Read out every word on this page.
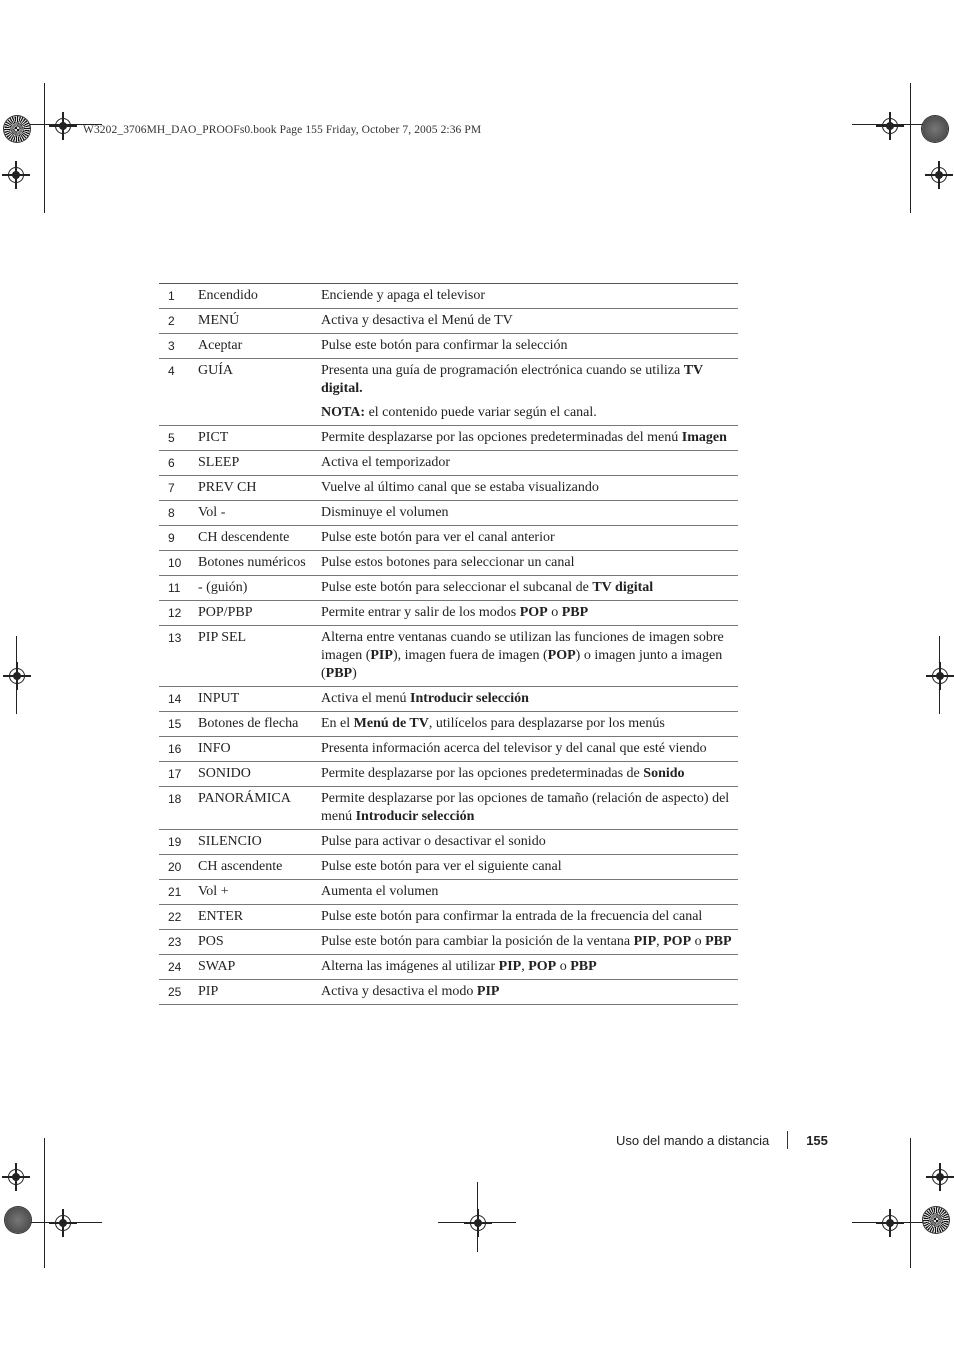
W3202_3706MH_DAO_PROOFs0.book Page 155 Friday, October 7, 2005 2:36 PM
1	Encendido	Enciende y apaga el televisor

2	MENÚ	Activa y desactiva el Menú de TV

3	Aceptar	Pulse este botón para confirmar la selección

4	GUÍA	Presenta una guía de programación electrónica cuando se utiliza TV digital.

NOTA: el contenido puede variar según el canal.

5	PICT	Permite desplazarse por las opciones predeterminadas del menú Imagen

6	SLEEP	Activa el temporizador

7	PREV CH	Vuelve al último canal que se estaba visualizando

8	Vol -	Disminuye el volumen

9	CH descendente	Pulse este botón para ver el canal anterior

10	Botones numéricos	Pulse estos botones para seleccionar un canal

11	- (guión)	Pulse este botón para seleccionar el subcanal de TV digital

12	POP/PBP	Permite entrar y salir de los modos POP o PBP

13	PIP SEL	Alterna entre ventanas cuando se utilizan las funciones de imagen sobre imagen (PIP), imagen fuera de imagen (POP) o imagen junto a imagen (PBP)

14	INPUT	Activa el menú Introducir selección

15	Botones de flecha	En el Menú de TV, utilícelos para desplazarse por los menús

16	INFO	Presenta información acerca del televisor y del canal que esté viendo

17	SONIDO	Permite desplazarse por las opciones predeterminadas de Sonido

18	PANORÁMICA	Permite desplazarse por las opciones de tamaño (relación de aspecto) del menú Introducir selección

19	SILENCIO	Pulse para activar o desactivar el sonido

20	CH ascendente	Pulse este botón para ver el siguiente canal

21	Vol +	Aumenta el volumen

22	ENTER	Pulse este botón para confirmar la entrada de la frecuencia del canal

23	POS	Pulse este botón para cambiar la posición de la ventana PIP, POP o PBP

24	SWAP	Alterna las imágenes al utilizar PIP, POP o PBP

25	PIP	Activa y desactiva el modo PIP

Uso del mando a distancia	155
